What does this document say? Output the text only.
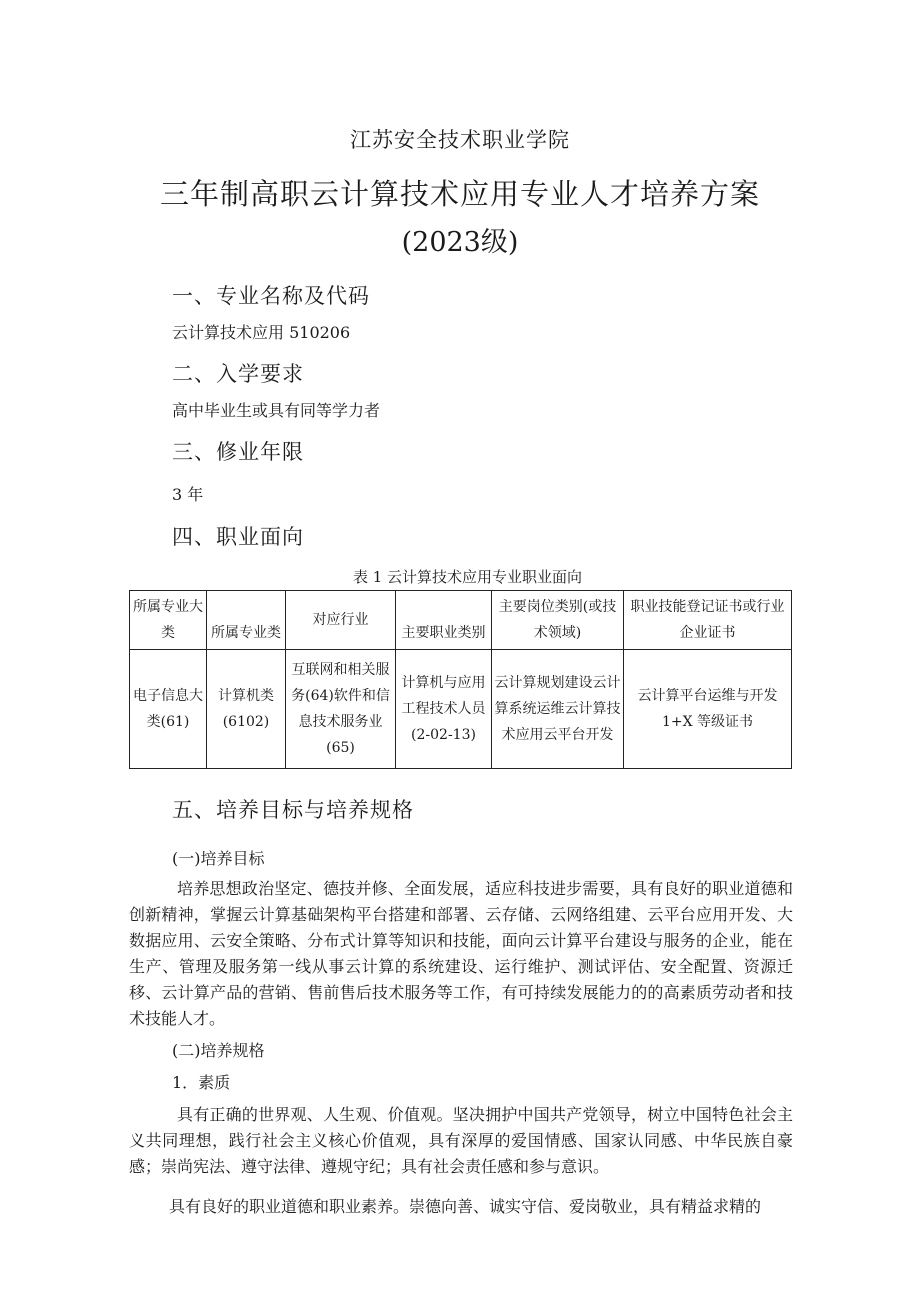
江苏安全技术职业学院
三年制高职云计算技术应用专业人才培养方案
(2023级)
一、专业名称及代码
云计算技术应用 510206
二、入学要求
高中毕业生或具有同等学力者
三、修业年限
3 年
四、职业面向
表 1 云计算技术应用专业职业面向
所属专业大类	所属专业类	对应行业	主要职业类别	主要岗位类别(或技术领域)	职业技能登记证书或行业企业证书
电子信息大类(61)	计算机类(6102)	互联网和相关服务(64)软件和信息技术服务业(65)	计算机与应用工程技术人员(2-02-13)	云计算规划建设云计算系统运维云计算技术应用云平台开发	云计算平台运维与开发 1+X 等级证书
五、培养目标与培养规格
(一)培养目标
培养思想政治坚定、德技并修、全面发展，适应科技进步需要，具有良好的职业道德和创新精神，掌握云计算基础架构平台搭建和部署、云存储、云网络组建、云平台应用开发、大数据应用、云安全策略、分布式计算等知识和技能，面向云计算平台建设与服务的企业，能在生产、管理及服务第一线从事云计算的系统建设、运行维护、测试评估、安全配置、资源迁移、云计算产品的营销、售前售后技术服务等工作，有可持续发展能力的的高素质劳动者和技术技能人才。
(二)培养规格
1．素质
具有正确的世界观、人生观、价值观。坚决拥护中国共产党领导，树立中国特色社会主义共同理想，践行社会主义核心价值观，具有深厚的爱国情感、国家认同感、中华民族自豪感；崇尚宪法、遵守法律、遵规守纪；具有社会责任感和参与意识。
具有良好的职业道德和职业素养。崇德向善、诚实守信、爱岗敬业，具有精益求精的
